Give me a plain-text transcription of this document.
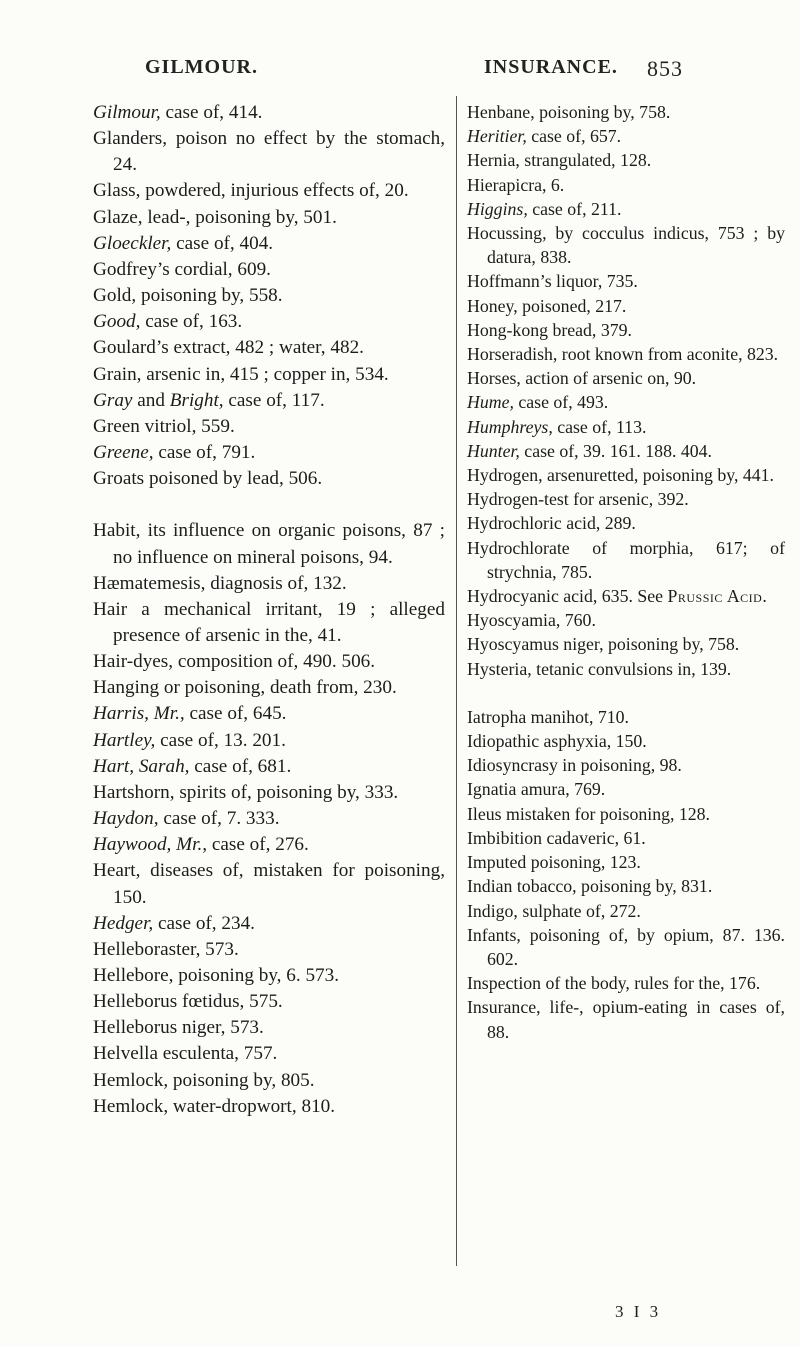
GILMOUR.	INSURANCE. 853
Gilmour, case of, 414.
Glanders, poison no effect by the stomach, 24.
Glass, powdered, injurious effects of, 20.
Glaze, lead-, poisoning by, 501.
Gloeckler, case of, 404.
Godfrey’s cordial, 609.
Gold, poisoning by, 558.
Good, case of, 163.
Goulard’s extract, 482 ; water, 482.
Grain, arsenic in, 415 ; copper in, 534.
Gray and Bright, case of, 117.
Green vitriol, 559.
Greene, case of, 791.
Groats poisoned by lead, 506.
Habit, its influence on organic poisons, 87 ; no influence on mineral poisons, 94.
Hæmatemesis, diagnosis of, 132.
Hair a mechanical irritant, 19 ; alleged presence of arsenic in the, 41.
Hair-dyes, composition of, 490. 506.
Hanging or poisoning, death from, 230.
Harris, Mr., case of, 645.
Hartley, case of, 13. 201.
Hart, Sarah, case of, 681.
Hartshorn, spirits of, poisoning by, 333.
Haydon, case of, 7. 333.
Haywood, Mr., case of, 276.
Heart, diseases of, mistaken for poisoning, 150.
Hedger, case of, 234.
Helleboraster, 573.
Hellebore, poisoning by, 6. 573.
Helleborus fœtidus, 575.
Helleborus niger, 573.
Helvella esculenta, 757.
Hemlock, poisoning by, 805.
Hemlock, water-dropwort, 810.
Henbane, poisoning by, 758.
Heritier, case of, 657.
Hernia, strangulated, 128.
Hierapicra, 6.
Higgins, case of, 211.
Hocussing, by cocculus indicus, 753 ; by datura, 838.
Hoffmann’s liquor, 735.
Honey, poisoned, 217.
Hong-kong bread, 379.
Horseradish, root known from aconite, 823.
Horses, action of arsenic on, 90.
Hume, case of, 493.
Humphreys, case of, 113.
Hunter, case of, 39. 161. 188. 404.
Hydrogen, arsenuretted, poisoning by, 441.
Hydrogen-test for arsenic, 392.
Hydrochloric acid, 289.
Hydrochlorate of morphia, 617; of strychnia, 785.
Hydrocyanic acid, 635. See Prussic Acid.
Hyoscyamia, 760.
Hyoscyamus niger, poisoning by, 758.
Hysteria, tetanic convulsions in, 139.
Iatropha manihot, 710.
Idiopathic asphyxia, 150.
Idiosyncrasy in poisoning, 98.
Ignatia amura, 769.
Ileus mistaken for poisoning, 128.
Imbibition cadaveric, 61.
Imputed poisoning, 123.
Indian tobacco, poisoning by, 831.
Indigo, sulphate of, 272.
Infants, poisoning of, by opium, 87. 136. 602.
Inspection of the body, rules for the, 176.
Insurance, life-, opium-eating in cases of, 88.
3 I 3
